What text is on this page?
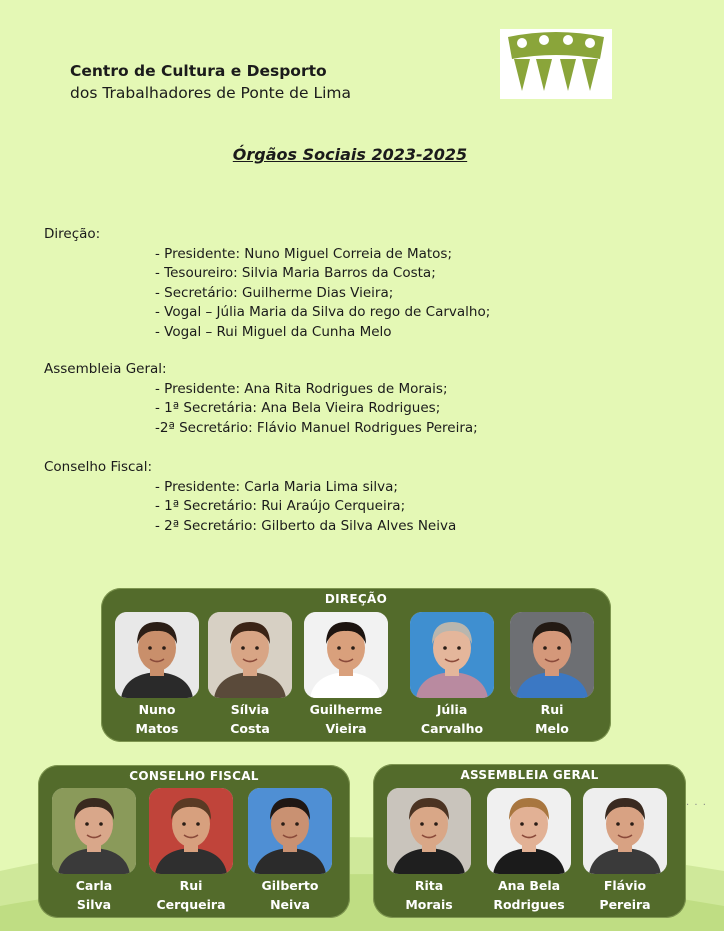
Centro de Cultura e Desporto
dos Trabalhadores de Ponte de Lima
Órgãos Sociais 2023-2025
Direção:
- Presidente: Nuno Miguel Correia de Matos;
- Tesoureiro: Silvia Maria Barros da Costa;
- Secretário: Guilherme Dias Vieira;
- Vogal – Júlia Maria da Silva do rego de Carvalho;
- Vogal – Rui Miguel da Cunha Melo
Assembleia Geral:
- Presidente: Ana Rita Rodrigues de Morais;
- 1ª Secretária: Ana Bela Vieira Rodrigues;
-2ª Secretário: Flávio Manuel Rodrigues Pereira;
Conselho Fiscal:
- Presidente: Carla Maria Lima silva;
- 1ª Secretário: Rui Araújo Cerqueira;
- 2ª Secretário: Gilberto da Silva Alves Neiva
DIREÇÃO
Nuno
Matos
Sílvia
Costa
Guilherme
Vieira
Júlia
Carvalho
Rui
Melo
CONSELHO FISCAL
Carla
Silva
Rui
Cerqueira
Gilberto
Neiva
ASSEMBLEIA GERAL
Rita
Morais
Ana Bela
Rodrigues
Flávio
Pereira
· · ·
